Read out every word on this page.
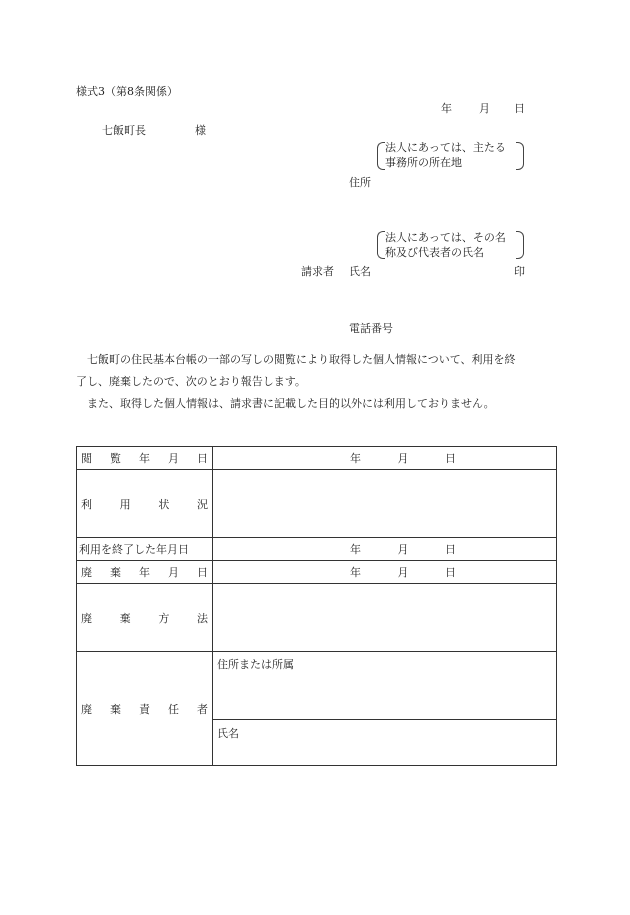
様式3（第8条関係）
年 月 日
七飯町長	様
法人にあっては、主たる
事務所の所在地
住所
法人にあっては、その名
称及び代表者の氏名
請求者 氏名	印
電話番号
七飯町の住民基本台帳の一部の写しの閲覧により取得した個人情報について、利用を終
了し、廃棄したので、次のとおり報告します。
また、取得した個人情報は、請求書に記載した目的以外には利用しておりません。
閲 覧 年 月 日	年 月 日

利 用 状 況	

利用を終了した年月日	年 月 日

廃 棄 年 月 日	年 月 日

廃 棄 方 法	

廃 棄 責 任 者	住所または所属
	氏名
